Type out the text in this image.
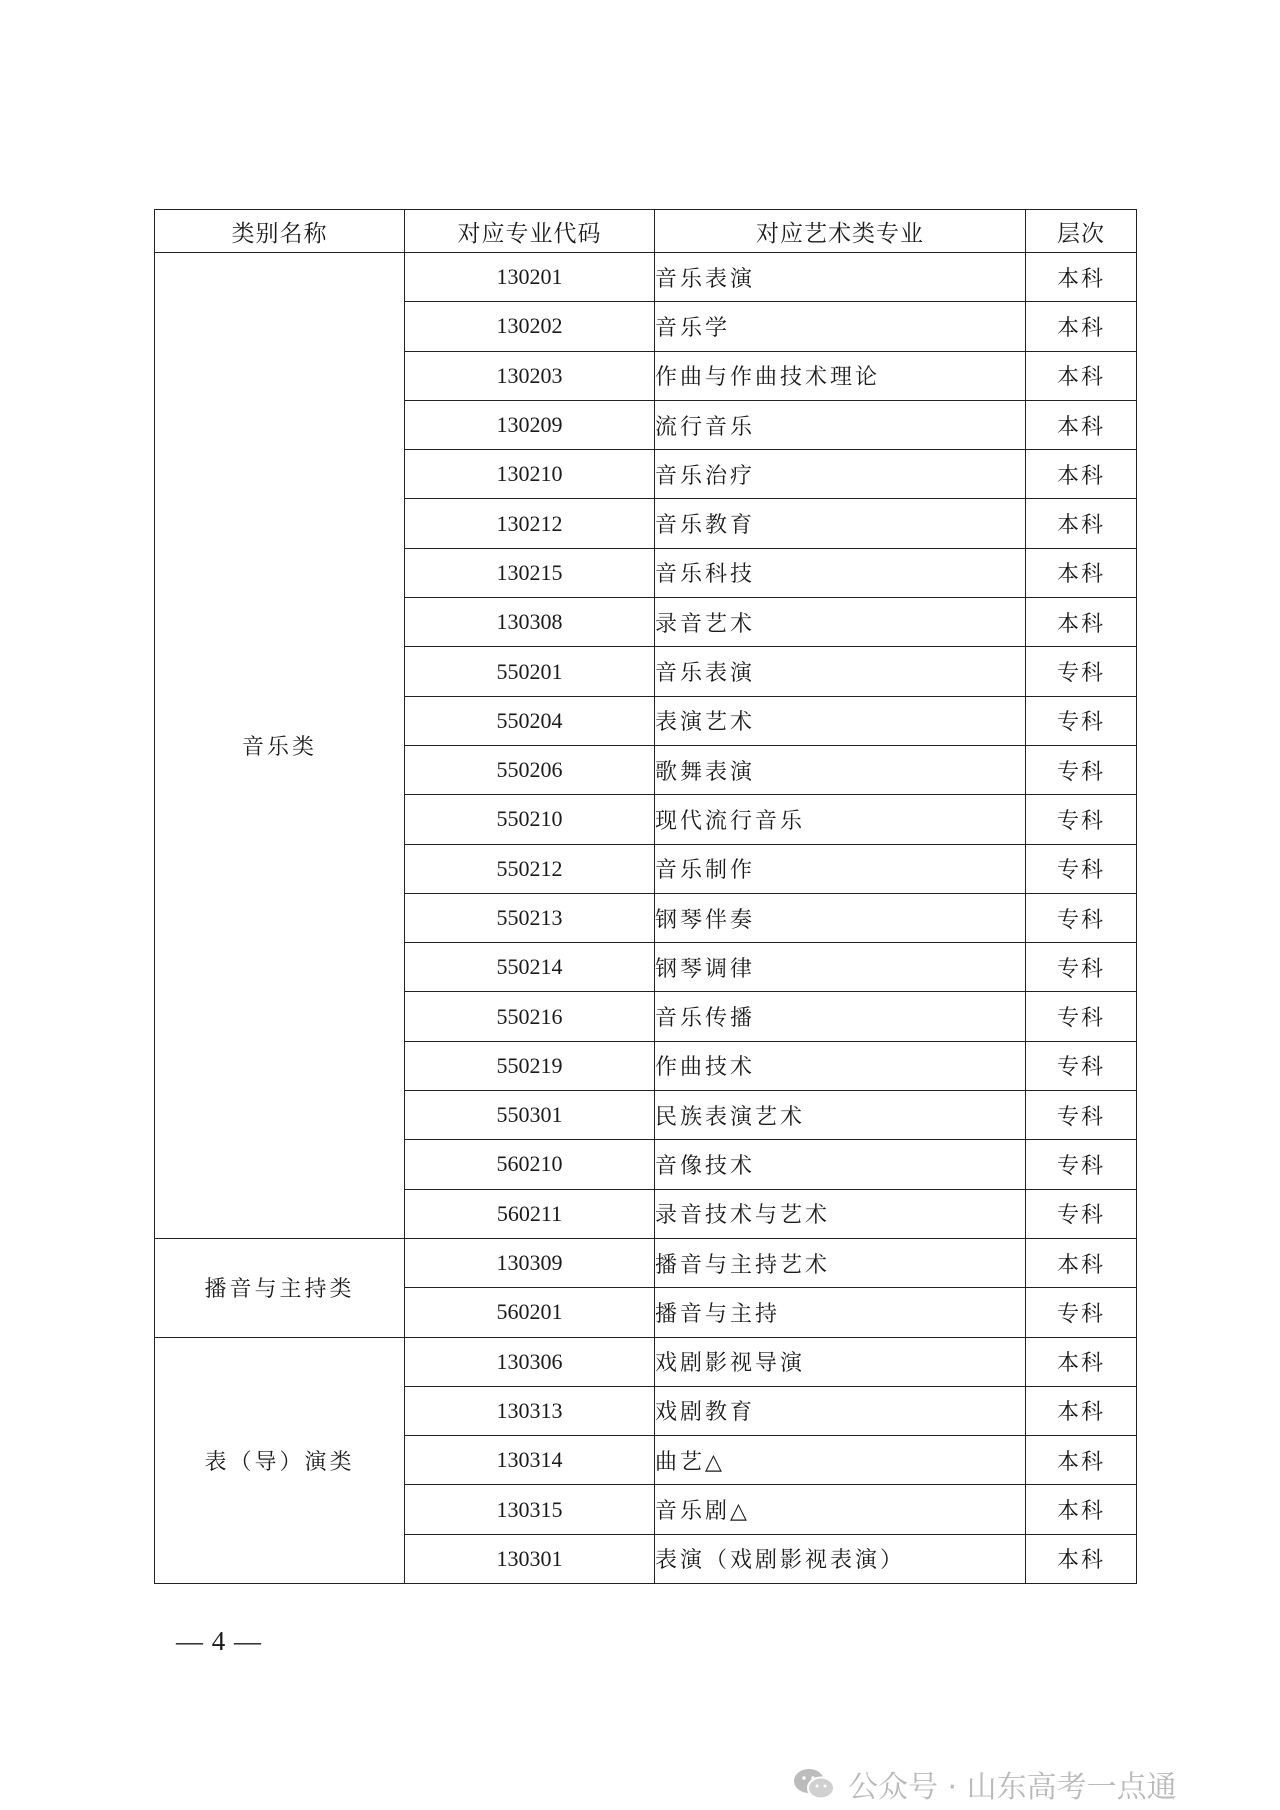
类别名称	对应专业代码	对应艺术类专业	层次
音乐类	130201	音乐表演	本科
	130202	音乐学	本科
	130203	作曲与作曲技术理论	本科
	130209	流行音乐	本科
	130210	音乐治疗	本科
	130212	音乐教育	本科
	130215	音乐科技	本科
	130308	录音艺术	本科
	550201	音乐表演	专科
	550204	表演艺术	专科
	550206	歌舞表演	专科
	550210	现代流行音乐	专科
	550212	音乐制作	专科
	550213	钢琴伴奏	专科
	550214	钢琴调律	专科
	550216	音乐传播	专科
	550219	作曲技术	专科
	550301	民族表演艺术	专科
	560210	音像技术	专科
	560211	录音技术与艺术	专科
播音与主持类	130309	播音与主持艺术	本科
	560201	播音与主持	专科
表（导）演类	130306	戏剧影视导演	本科
	130313	戏剧教育	本科
	130314	曲艺△	本科
	130315	音乐剧△	本科
	130301	表演（戏剧影视表演）	本科
— 4 —
公众号 · 山东高考一点通
